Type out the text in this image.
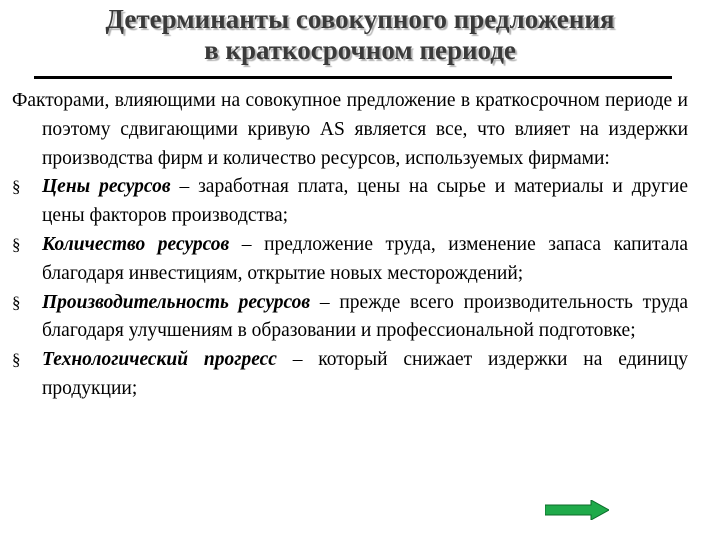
Детерминанты совокупного предложения
в краткосрочном периоде
Факторами, влияющими на совокупное предложение в краткосрочном периоде и поэтому сдвигающими кривую AS является все, что влияет на издержки производства фирм и количество ресурсов, используемых фирмами:
§	Цены ресурсов – заработная плата, цены на сырье и материалы и другие цены факторов производства;
§	Количество ресурсов – предложение труда, изменение запаса капитала благодаря инвестициям, открытие новых месторождений;
§	Производительность ресурсов – прежде всего производительность труда благодаря улучшениям в образовании и профессиональной подготовке;
§	Технологический прогресс – который снижает издержки на единицу продукции;
